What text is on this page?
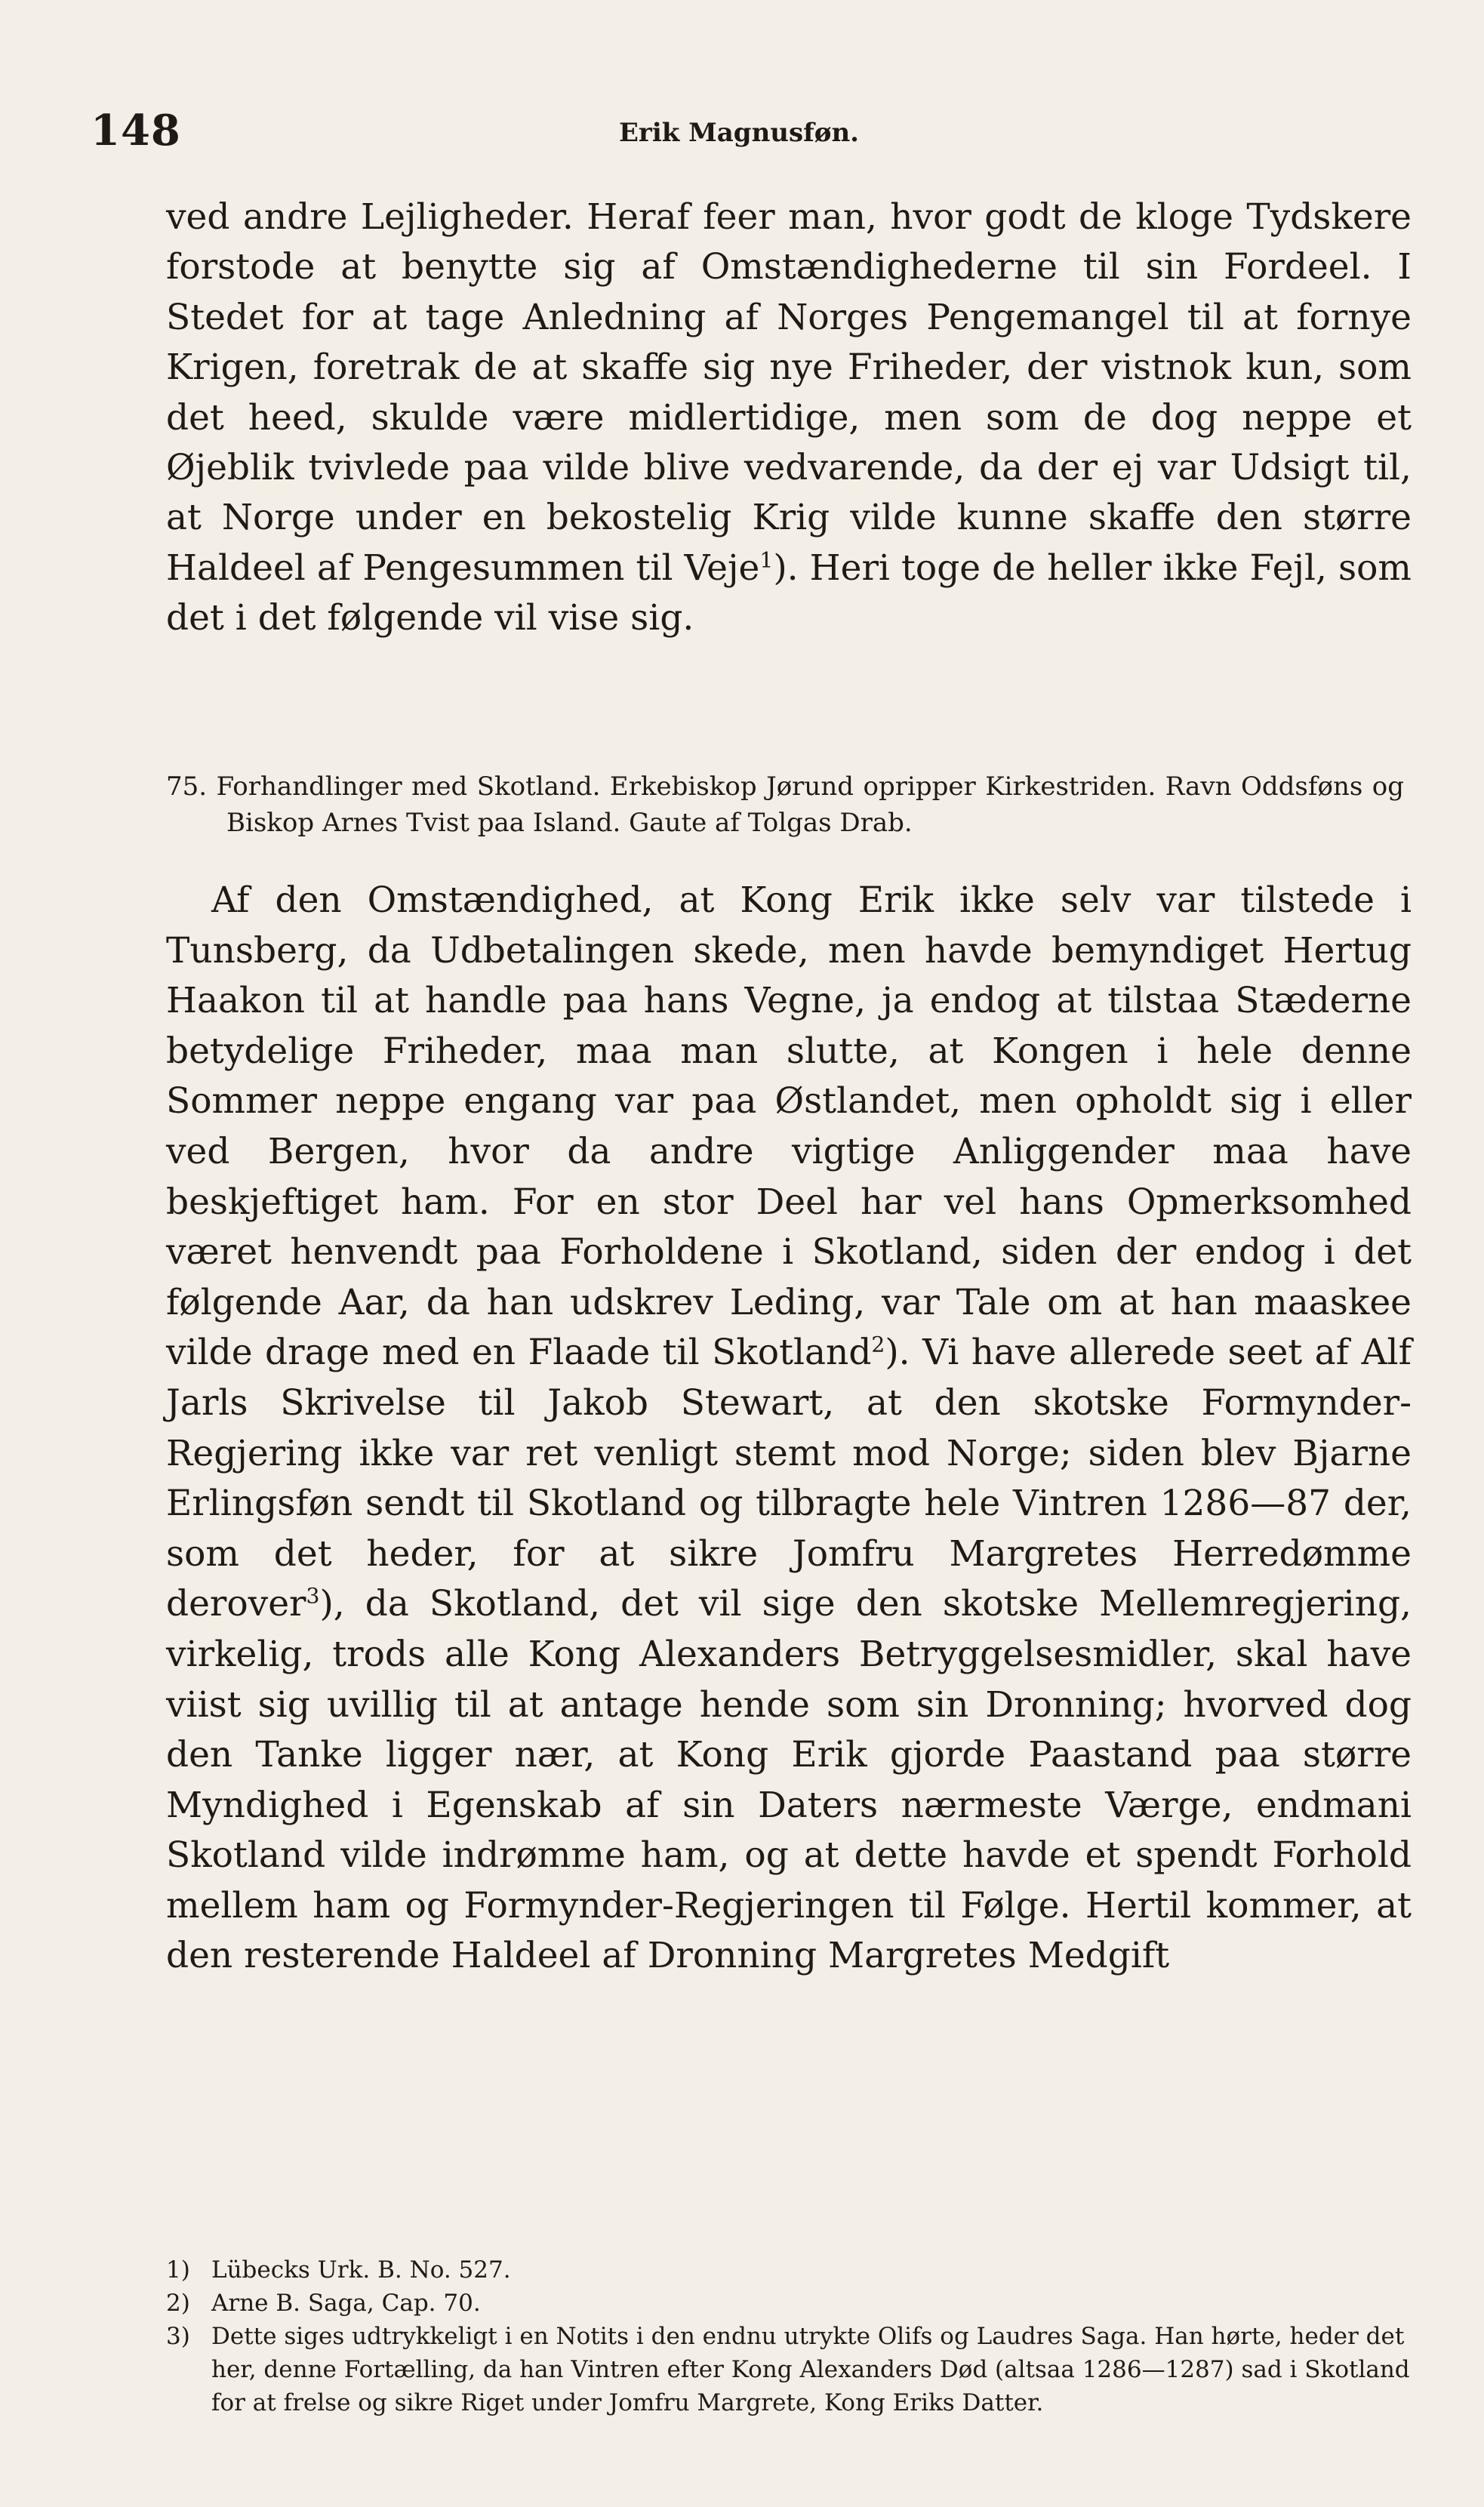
148	Erik Magnusføn.

ved andre Lejligheder. Heraf feer man, hvor godt de kloge Tydskere forstode at benytte sig af Omstændighederne til sin Fordeel. I Stedet for at tage Anledning af Norges Pengemangel til at fornye Krigen, foretrak de at skaffe sig nye Friheder, der vistnok kun, som det heed, skulde være midlertidige, men som de dog neppe et Øjeblik tvivlede paa vilde blive vedvarende, da der ej var Udsigt til, at Norge under en bekostelig Krig vilde kunne skaffe den større Haldeel af Pengesummen til Veje$^1$). Heri toge de heller ikke Fejl, som det i det følgende vil vise sig.

75. Forhandlinger med Skotland. Erkebiskop Jørund opripper Kirkestriden. Ravn Oddsføns og Biskop Arnes Tvist paa Island. Gaute af Tolgas Drab.

Af den Omstændighed, at Kong Erik ikke selv var tilstede i Tunsberg, da Udbetalingen skede, men havde bemyndiget Hertug Haakon til at handle paa hans Vegne, ja endog at tilstaa Stæderne betydelige Friheder, maa man slutte, at Kongen i hele denne Sommer neppe engang var paa Østlandet, men opholdt sig i eller ved Bergen, hvor da andre vigtige Anliggender maa have beskjeftiget ham. For en stor Deel har vel hans Opmerksomhed været henvendt paa Forholdene i Skotland, siden der endog i det følgende Aar, da han udskrev Leding, var Tale om at han maaskee vilde drage med en Flaade til Skotland$^2$). Vi have allerede seet af Alf Jarls Skrivelse til Jakob Stewart, at den skotske Formynder-Regjering ikke var ret venligt stemt mod Norge; siden blev Bjarne Erlingsføn sendt til Skotland og tilbragte hele Vintren 1286—87 der, som det heder, for at sikre Jomfru Margretes Herredømme derover$^3$), da Skotland, det vil sige den skotske Mellemregjering, virkelig, trods alle Kong Alexanders Betryggelsesmidler, skal have viist sig uvillig til at antage hende som sin Dronning; hvorved dog den Tanke ligger nær, at Kong Erik gjorde Paastand paa større Myndighed i Egenskab af sin Daters nærmeste Værge, endmani Skotland vilde indrømme ham, og at dette havde et spendt Forhold mellem ham og Formynder-Regjeringen til Følge. Hertil kommer, at den resterende Haldeel af Dronning Margretes Medgift

1) Lübecks Urk. B. No. 527.

2) Arne B. Saga, Cap. 70.

3) Dette siges udtrykkeligt i en Notits i den endnu utrykte Olifs og Laudres Saga. Han hørte, heder det her, denne Fortælling, da han Vintren efter Kong Alexanders Død (altsaa 1286—1287) sad i Skotland for at frelse og sikre Riget under Jomfru Margrete, Kong Eriks Datter.
